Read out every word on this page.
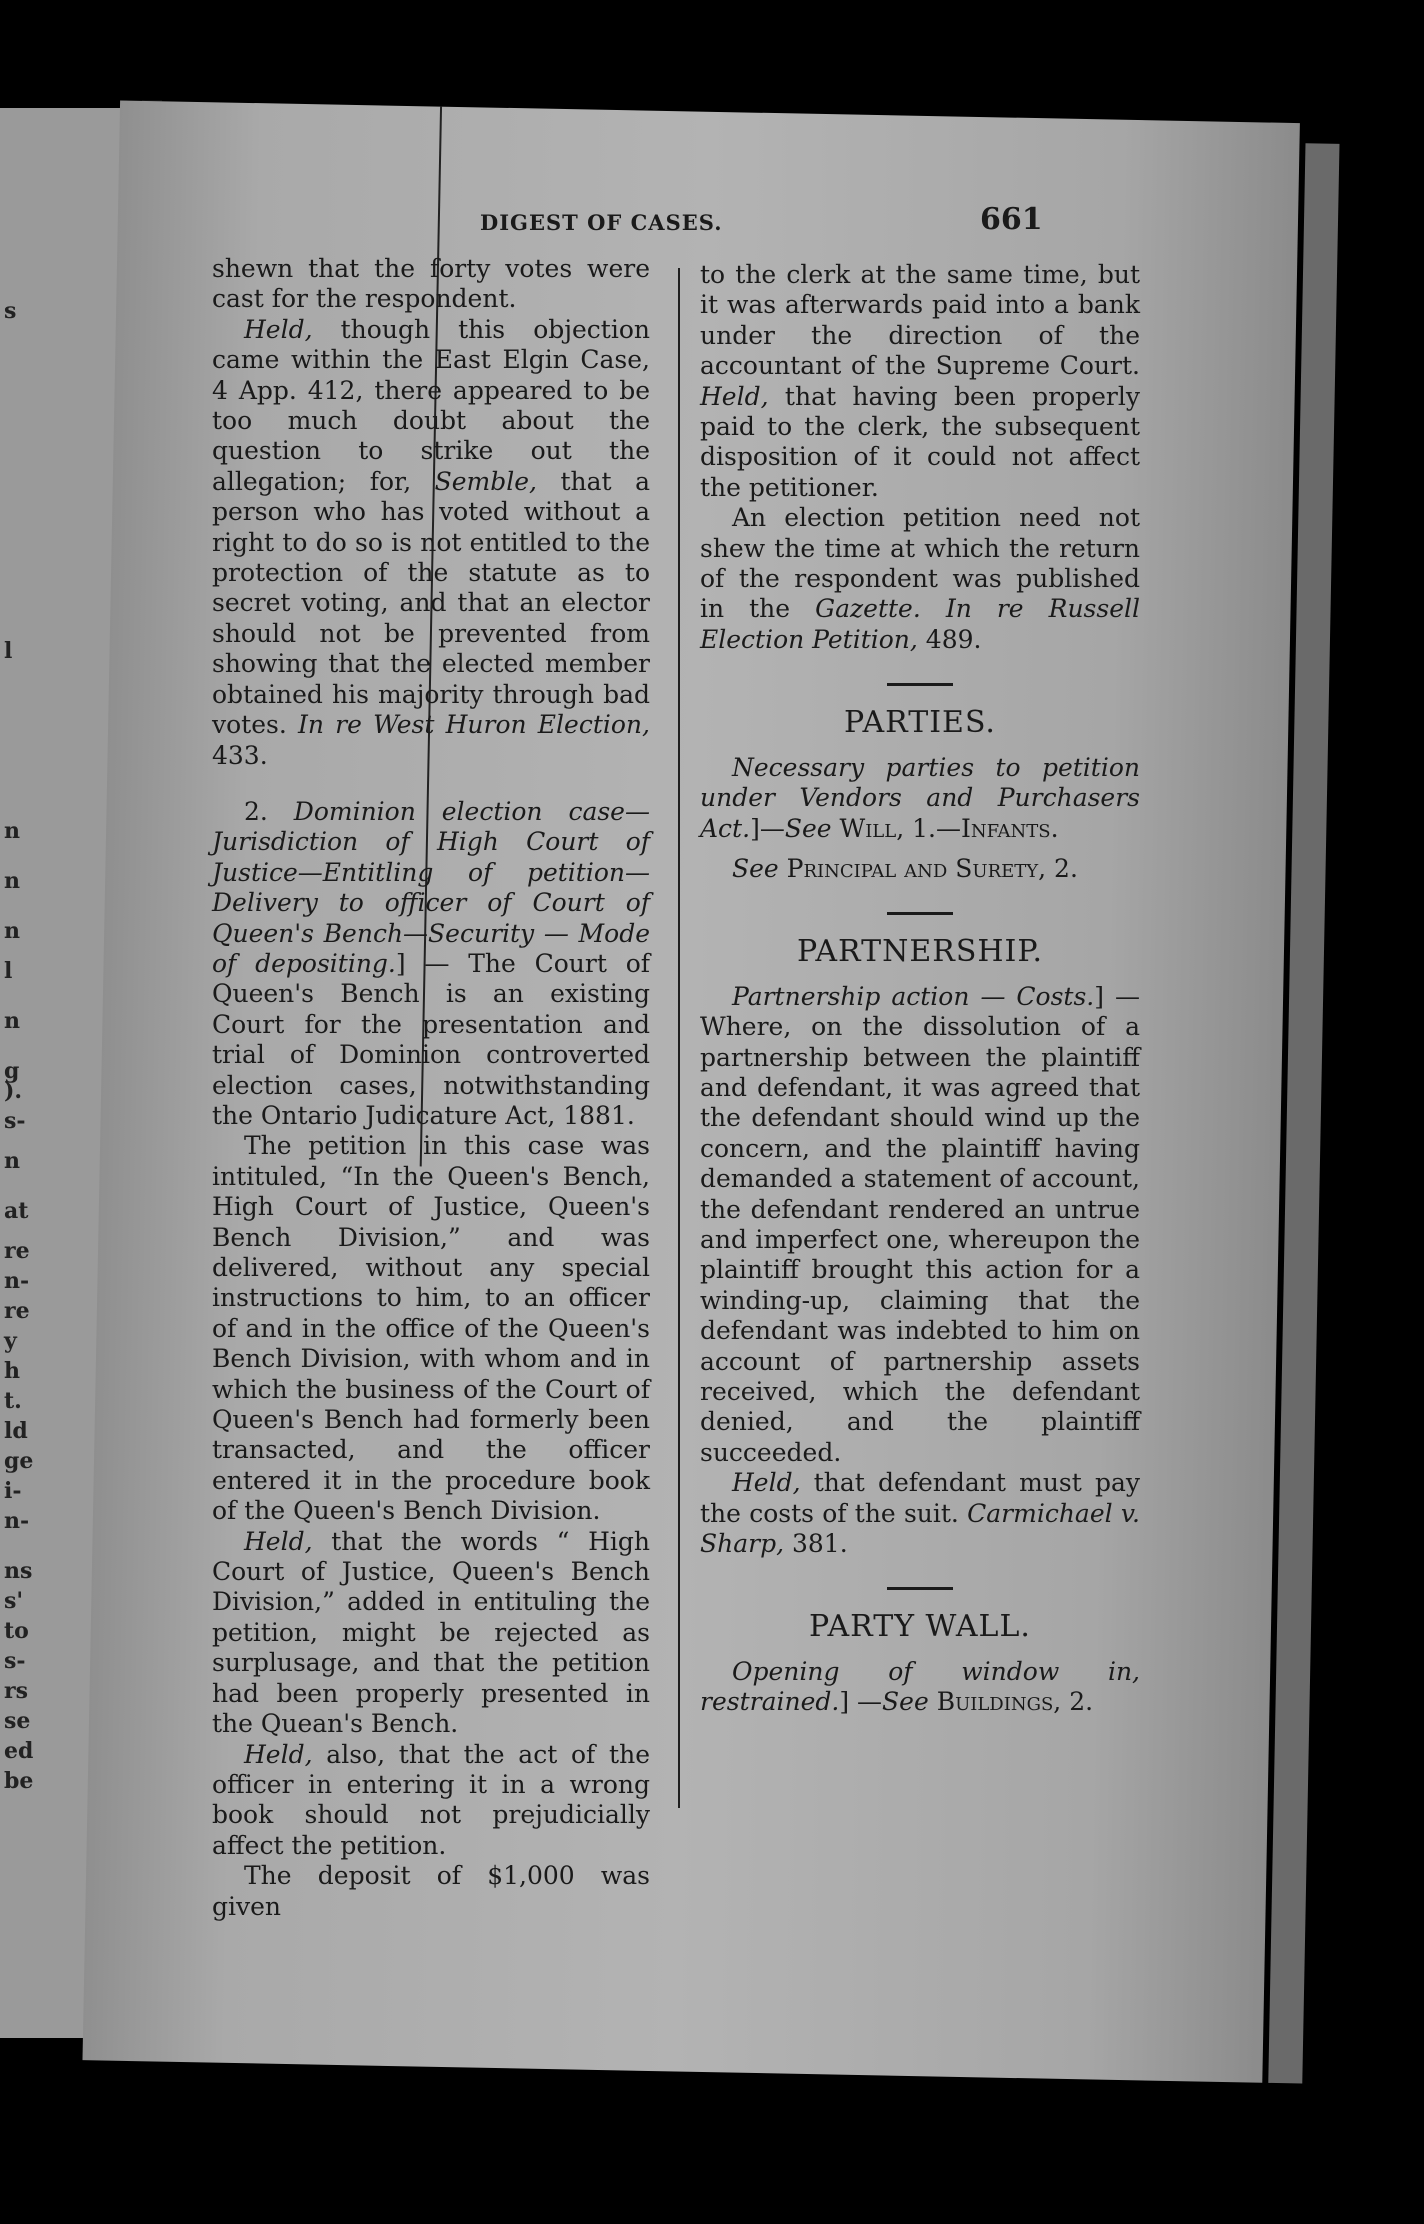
s
l
n
n
n
l
n
g
).
s-
n
at
re
n-
re
y
h
t.
ld
ge
i-
n-
ns
s'
to
s-
rs
se
ed
be
DIGEST OF CASES.	661

shewn that the forty votes were cast for the respondent.

Held, though this objection came within the East Elgin Case, 4 App. 412, there appeared to be too much doubt about the question to strike out the allegation; for, Semble, that a person who has voted without a right to do so is not entitled to the protection of the statute as to secret voting, and that an elector should not be prevented from showing that the elected member obtained his majority through bad votes. In re West Huron Election, 433.

2. Dominion election case—Jurisdiction of High Court of Justice—Entitling of petition—Delivery to officer of Court of Queen's Bench—Security — Mode of depositing.] — The Court of Queen's Bench is an existing Court for the presentation and trial of Dominion controverted election cases, notwithstanding the Ontario Judicature Act, 1881.

The petition in this case was intituled, “In the Queen's Bench, High Court of Justice, Queen's Bench Division,” and was delivered, without any special instructions to him, to an officer of and in the office of the Queen's Bench Division, with whom and in which the business of the Court of Queen's Bench had formerly been transacted, and the officer entered it in the procedure book of the Queen's Bench Division.

Held, that the words “ High Court of Justice, Queen's Bench Division,” added in entituling the petition, might be rejected as surplusage, and that the petition had been properly presented in the Quean's Bench.

Held, also, that the act of the officer in entering it in a wrong book should not prejudicially affect the petition.

The deposit of $1,000 was given

to the clerk at the same time, but it was afterwards paid into a bank under the direction of the accountant of the Supreme Court. Held, that having been properly paid to the clerk, the subsequent disposition of it could not affect the petitioner.

An election petition need not shew the time at which the return of the respondent was published in the Gazette. In re Russell Election Petition, 489.

PARTIES.

Necessary parties to petition under Vendors and Purchasers Act.]—See Will, 1.—Infants.

See Principal and Surety, 2.

PARTNERSHIP.

Partnership action — Costs.] — Where, on the dissolution of a partnership between the plaintiff and defendant, it was agreed that the defendant should wind up the concern, and the plaintiff having demanded a statement of account, the defendant rendered an untrue and imperfect one, whereupon the plaintiff brought this action for a winding-up, claiming that the defendant was indebted to him on account of partnership assets received, which the defendant denied, and the plaintiff succeeded.

Held, that defendant must pay the costs of the suit. Carmichael v. Sharp, 381.

PARTY WALL.

Opening of window in, restrained.] —See Buildings, 2.
